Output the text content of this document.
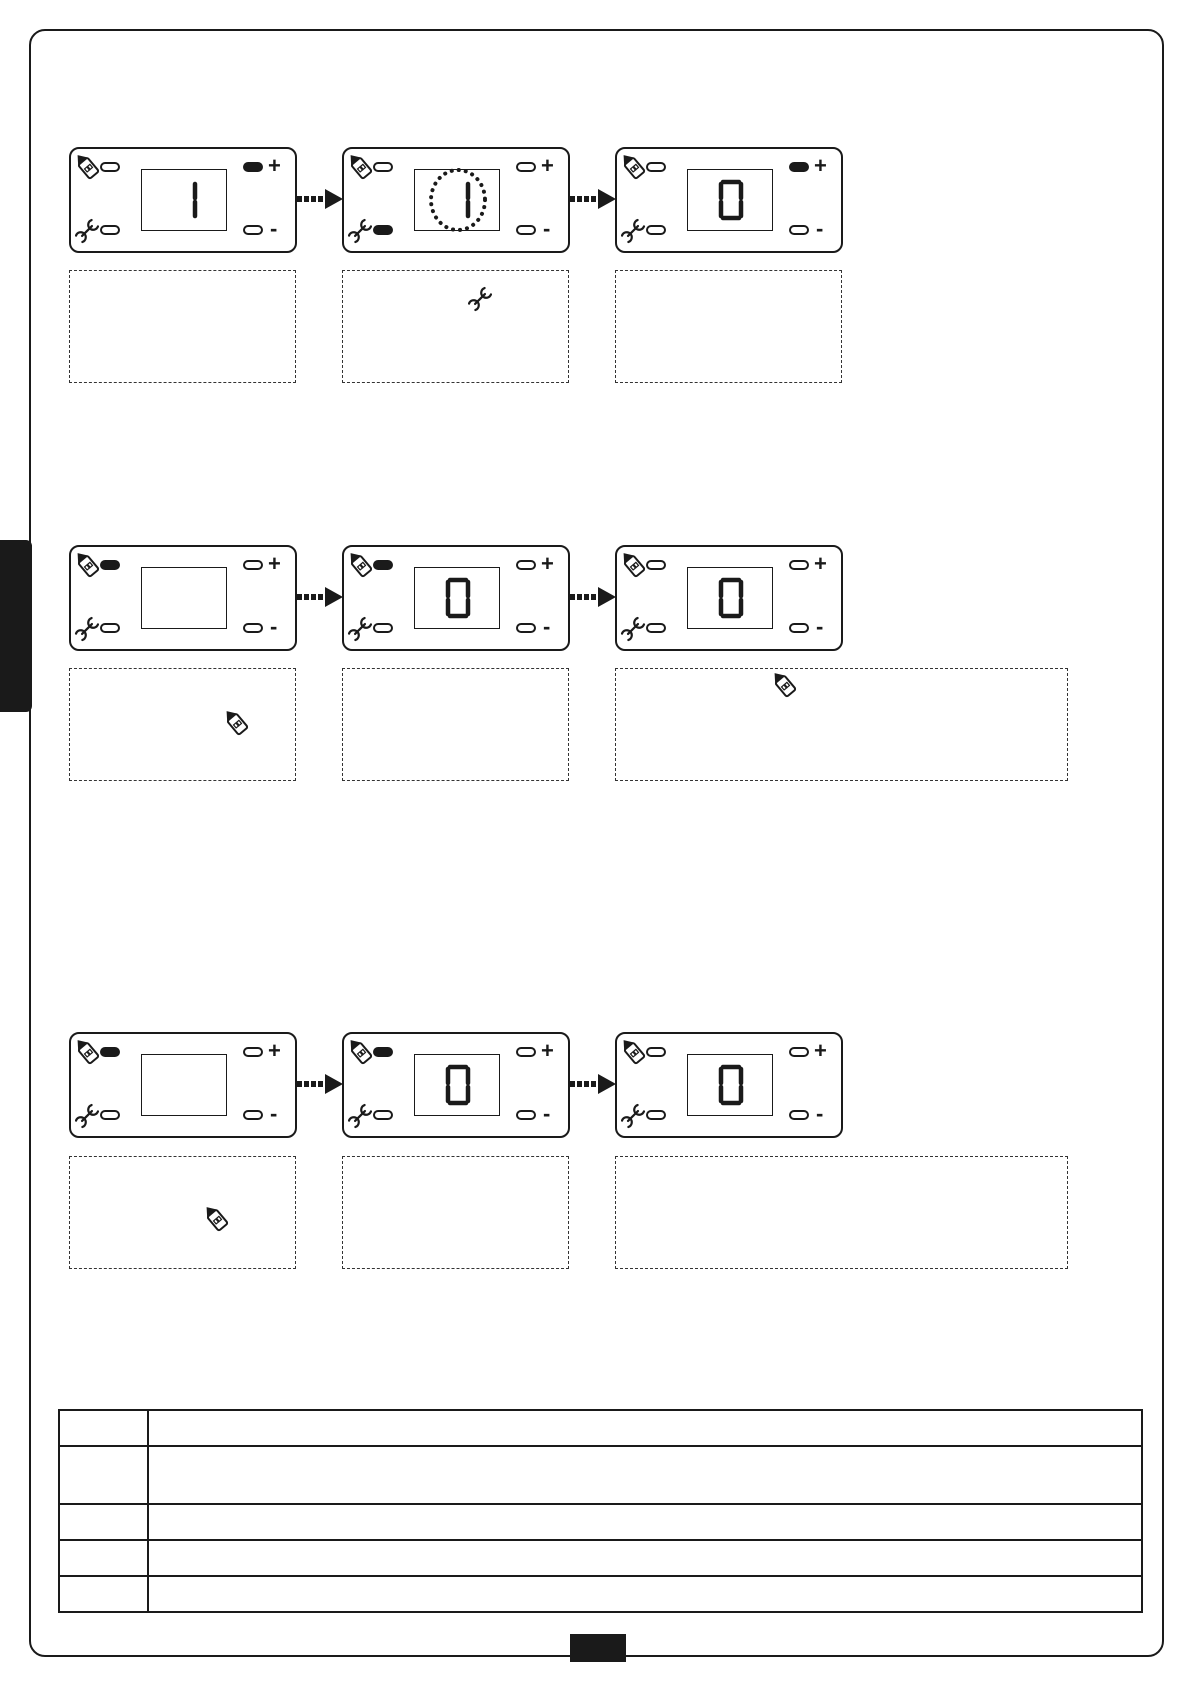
+
-
+
-
+
-
+
-
+
-
+
-
+
-
+
-
+
-
